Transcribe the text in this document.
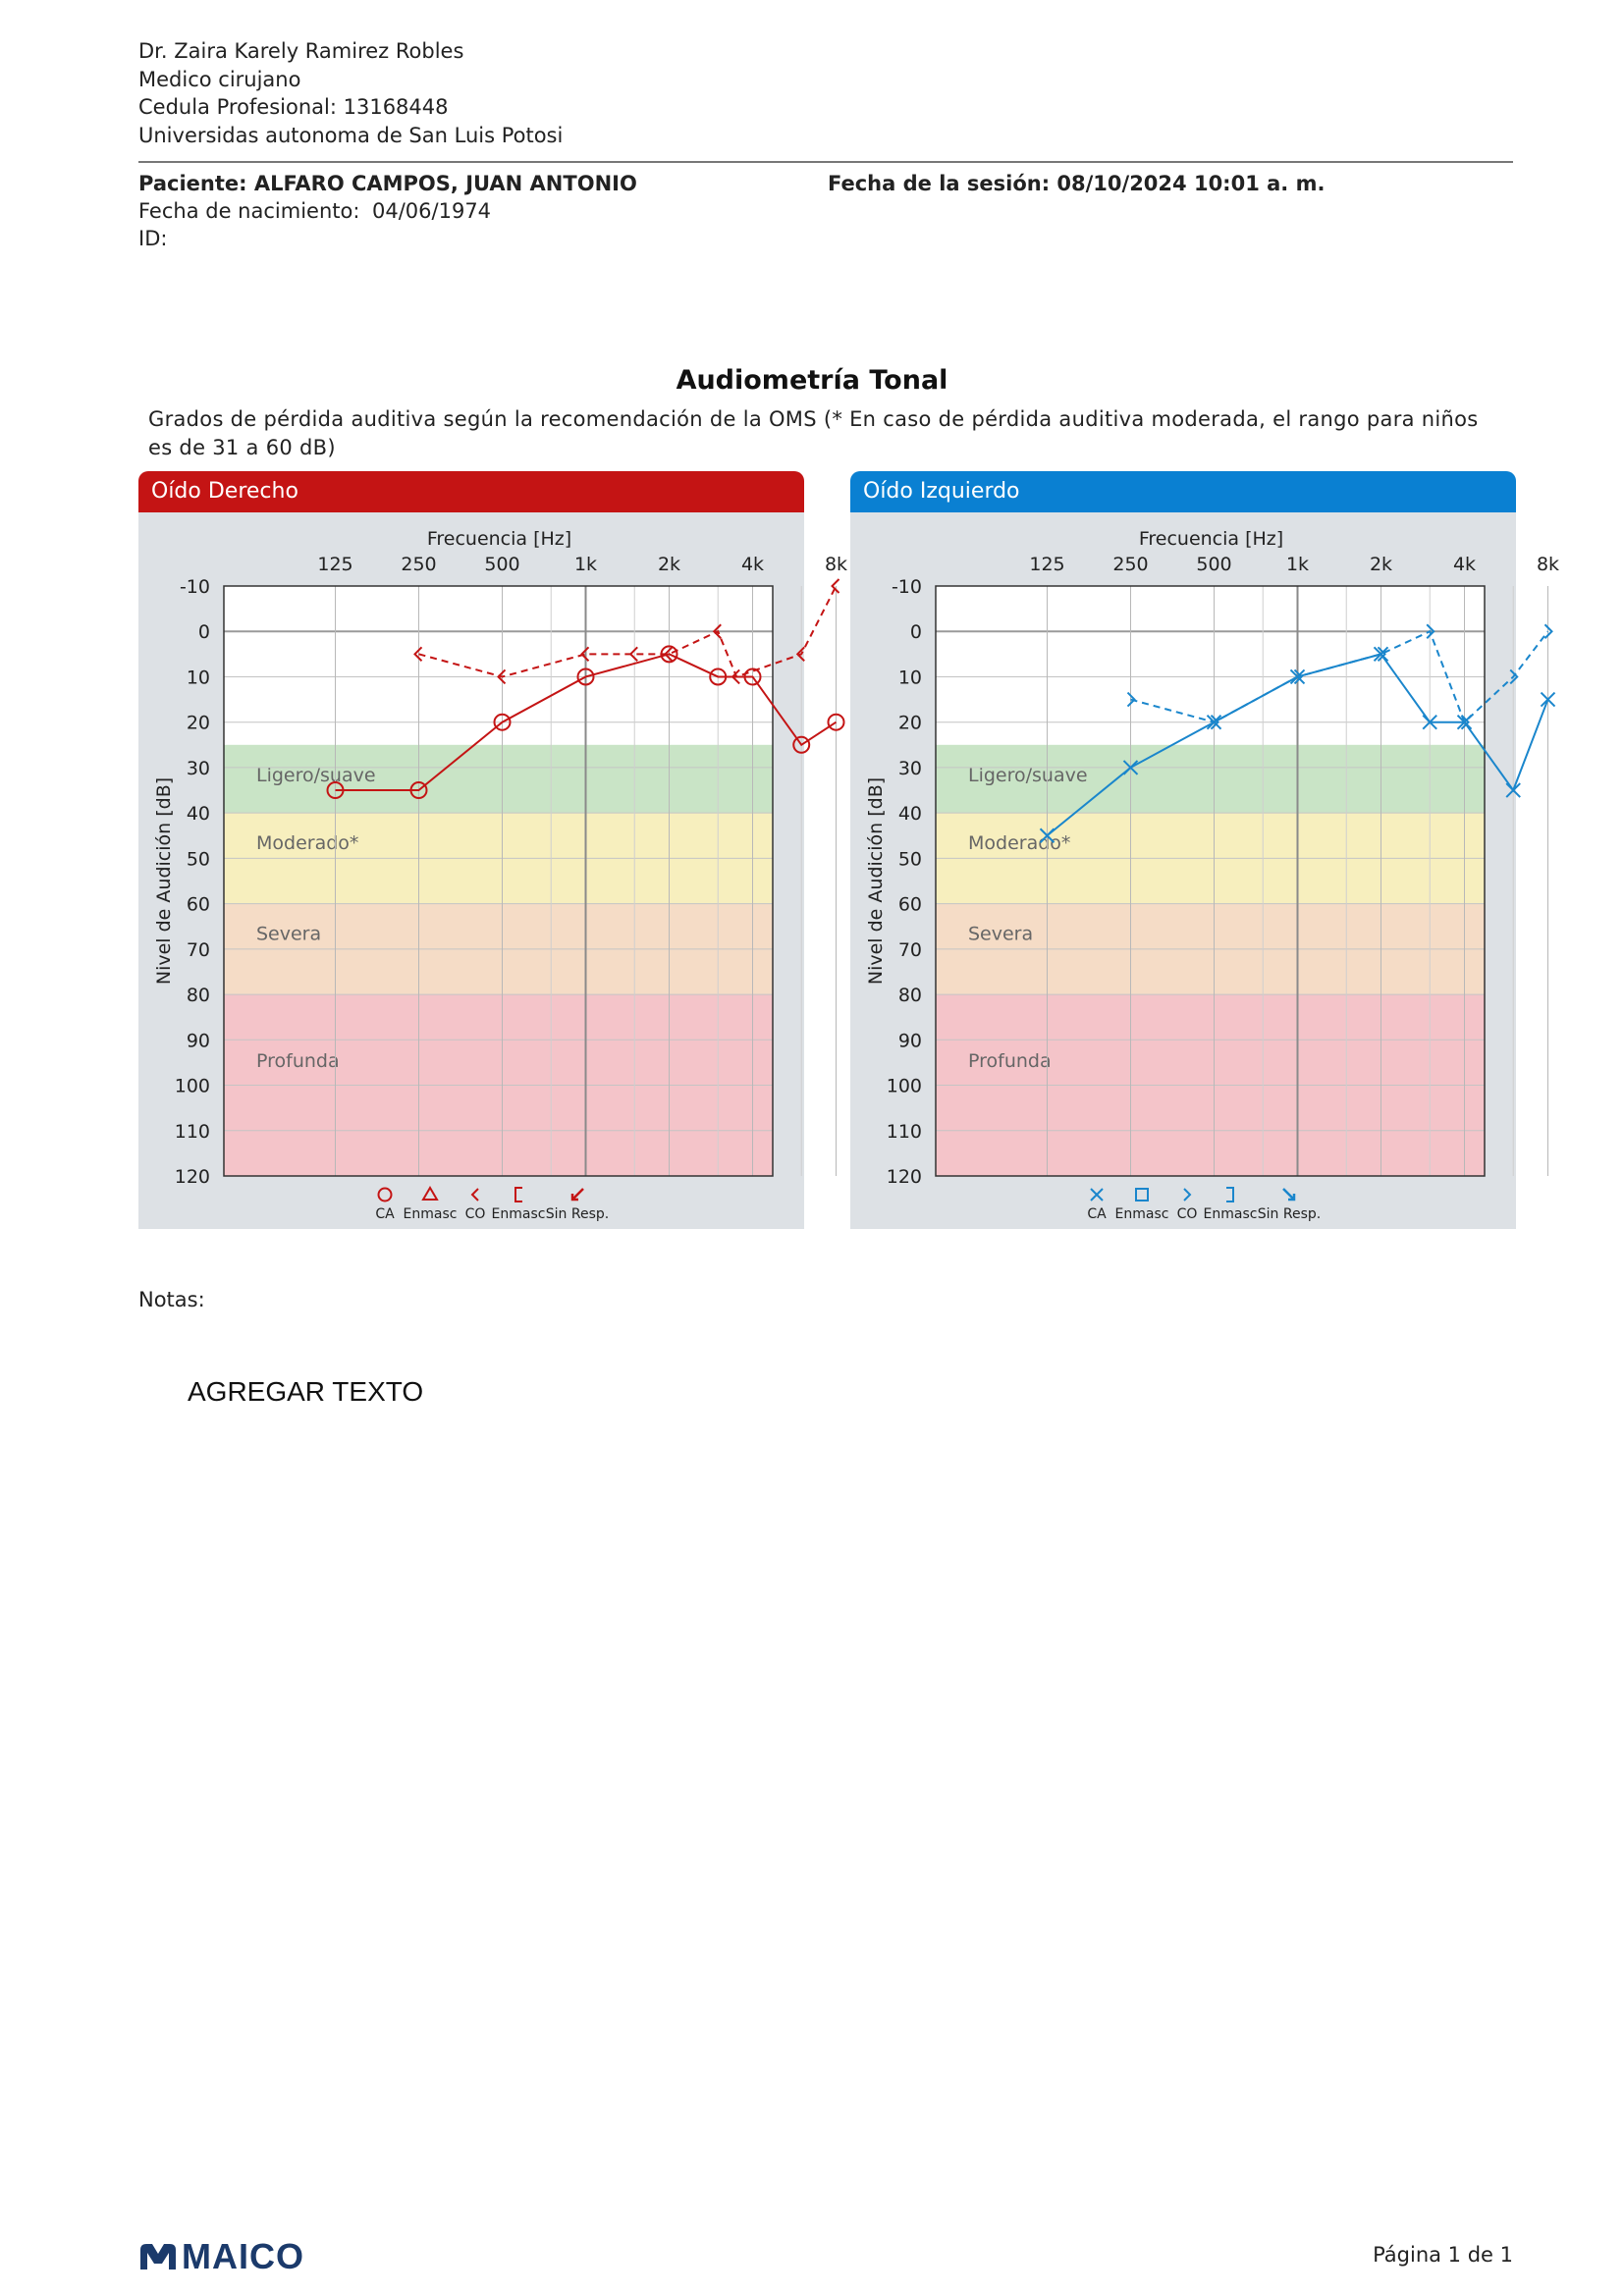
Dr. Zaira Karely Ramirez Robles
Medico cirujano
Cedula Profesional: 13168448
Universidas autonoma de San Luis Potosi
Paciente: ALFARO CAMPOS, JUAN ANTONIO	Fecha de la sesión: 08/10/2024 10:01 a. m.
Fecha de nacimiento: 04/06/1974
ID:
Audiometría Tonal
Grados de pérdida auditiva según la recomendación de la OMS (* En caso de pérdida auditiva moderada, el rango para niños es de 31 a 60 dB)
Oído Derecho
Ligero/suave
Moderado*
Severa
Profunda
-10
0
10
20
30
40
50
60
70
80
90
100
110
120
125	250	500	1k	2k	4k	8k
Frecuencia [Hz]
Nivel de Audición [dB]
CA Enmasc CO Enmasc Sin Resp.
Oído Izquierdo
Ligero/suave
Moderado*
Severa
Profunda
-10
0
10
20
30
40
50
60
70
80
90
100
110
120
125	250	500	1k	2k	4k	8k
Frecuencia [Hz]
Nivel de Audición [dB]
CA Enmasc CO Enmasc Sin Resp.
Notas:
AGREGAR TEXTO
MAICO	Página 1 de 1
